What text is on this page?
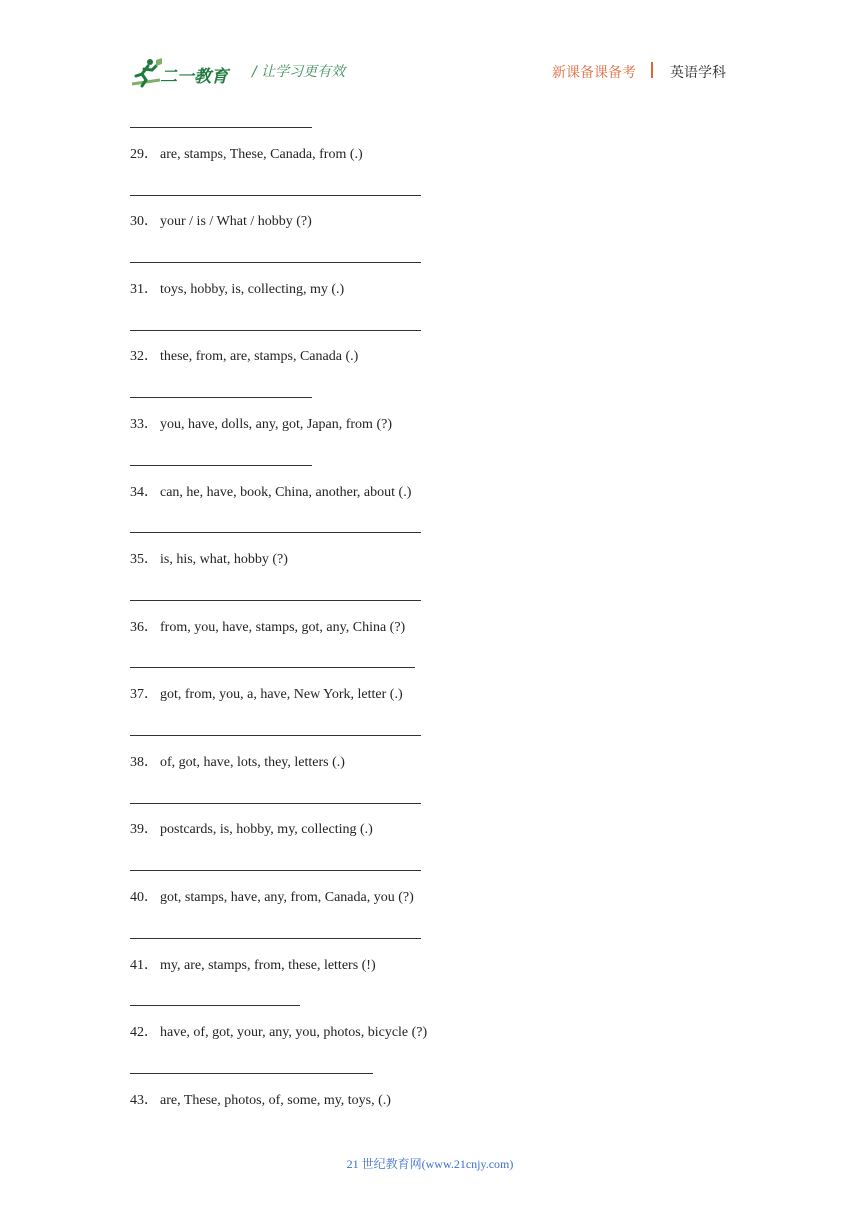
二一教育 / 让学习更有效	新课备课备考 英语学科
29． are, stamps, These, Canada, from (.)
30． your / is / What / hobby (?)
31． toys, hobby, is, collecting, my (.)
32． these, from, are, stamps, Canada (.)
33． you, have, dolls, any, got, Japan, from (?)
34． can, he, have, book, China, another, about (.)
35． is, his, what, hobby (?)
36． from, you, have, stamps, got, any, China (?)
37． got, from, you, a, have, New York, letter (.)
38． of, got, have, lots, they, letters (.)
39． postcards, is, hobby, my, collecting (.)
40． got, stamps, have, any, from, Canada, you (?)
41． my, are, stamps, from, these, letters (!)
42． have, of, got, your, any, you, photos, bicycle (?)
43． are, These, photos, of, some, my, toys, (.)
21 世纪教育网(www.21cnjy.com)
